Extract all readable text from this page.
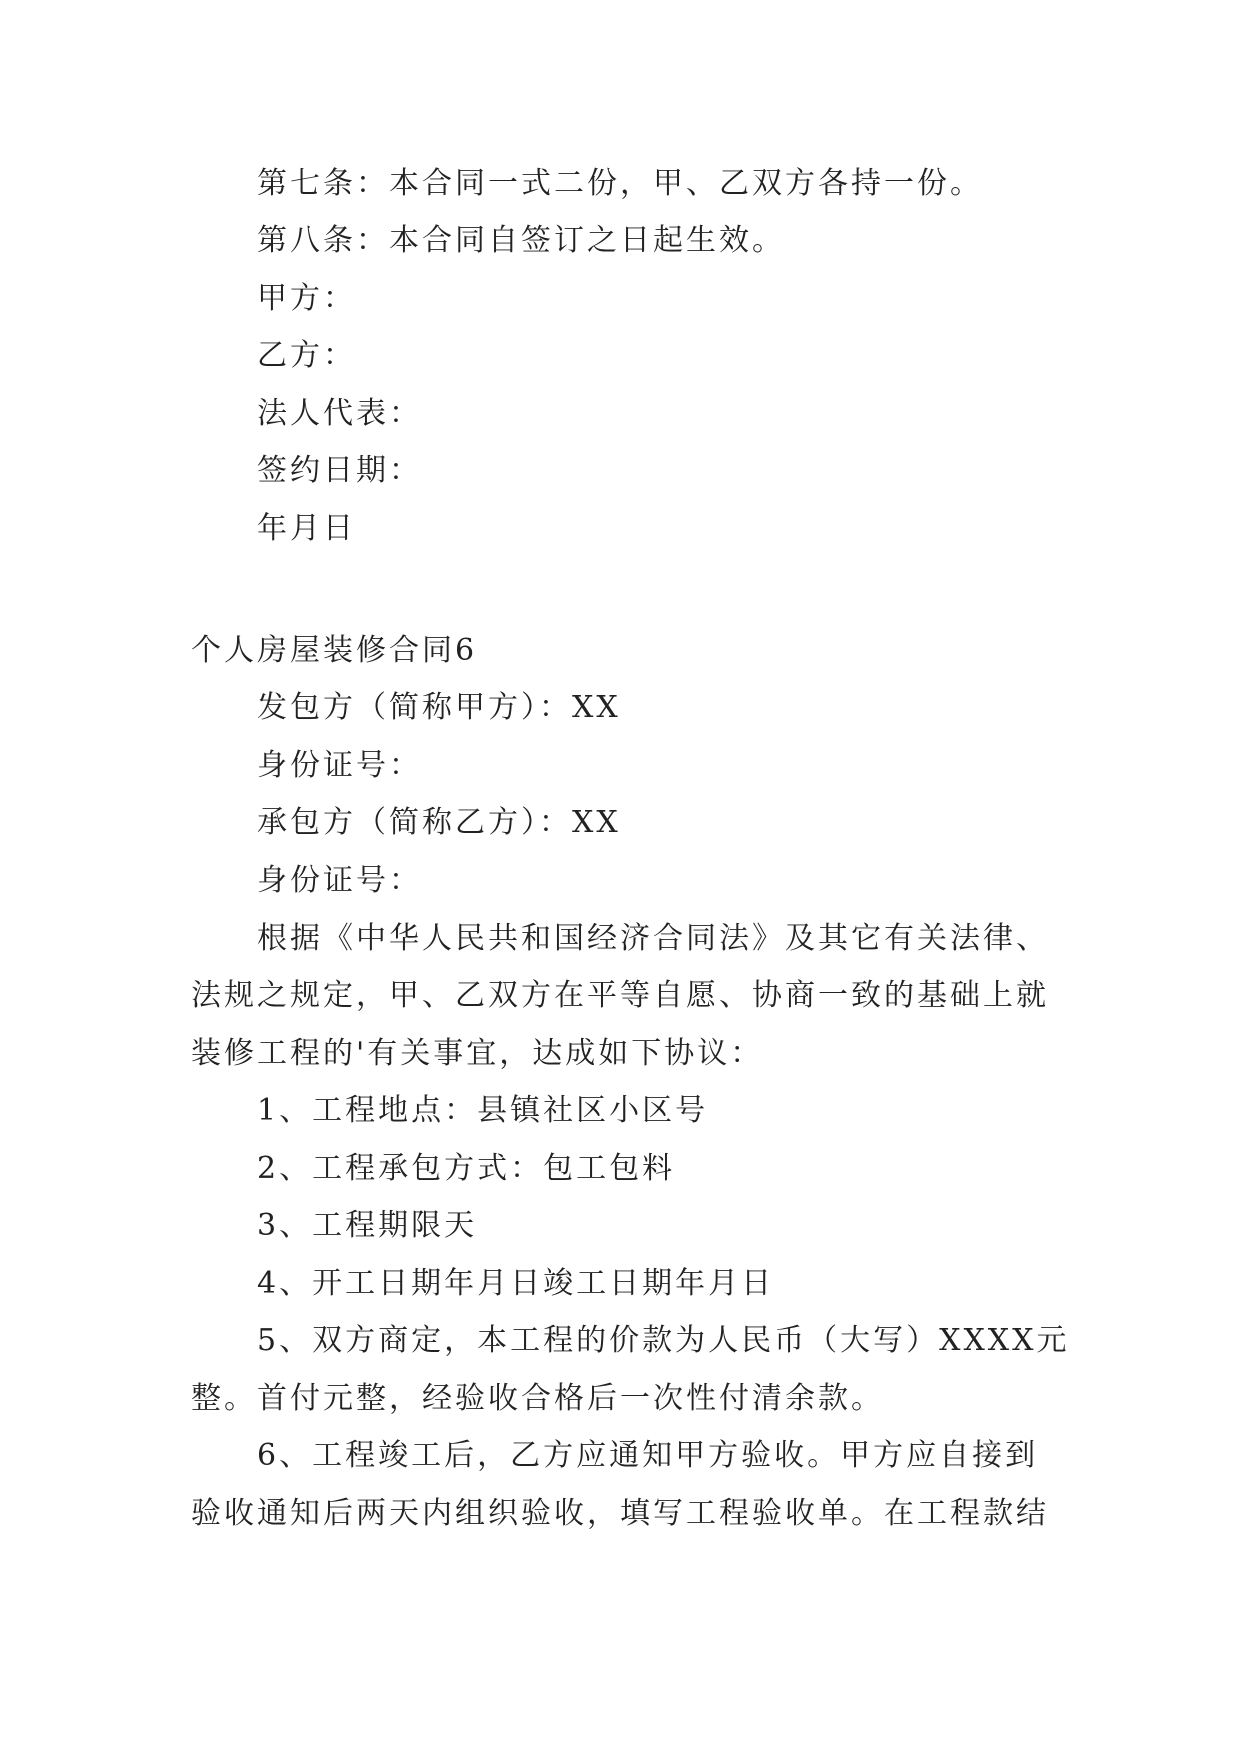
第七条：本合同一式二份，甲、乙双方各持一份。
第八条：本合同自签订之日起生效。
甲方：
乙方：
法人代表：
签约日期：
年月日
个人房屋装修合同6
发包方（简称甲方）：XX
身份证号：
承包方（简称乙方）：XX
身份证号：
根据《中华人民共和国经济合同法》及其它有关法律、
法规之规定，甲、乙双方在平等自愿、协商一致的基础上就
装修工程的'有关事宜，达成如下协议：
1、工程地点：县镇社区小区号
2、工程承包方式：包工包料
3、工程期限天
4、开工日期年月日竣工日期年月日
5、双方商定，本工程的价款为人民币（大写）XXXX元
整。首付元整，经验收合格后一次性付清余款。
6、工程竣工后，乙方应通知甲方验收。甲方应自接到
验收通知后两天内组织验收，填写工程验收单。在工程款结
